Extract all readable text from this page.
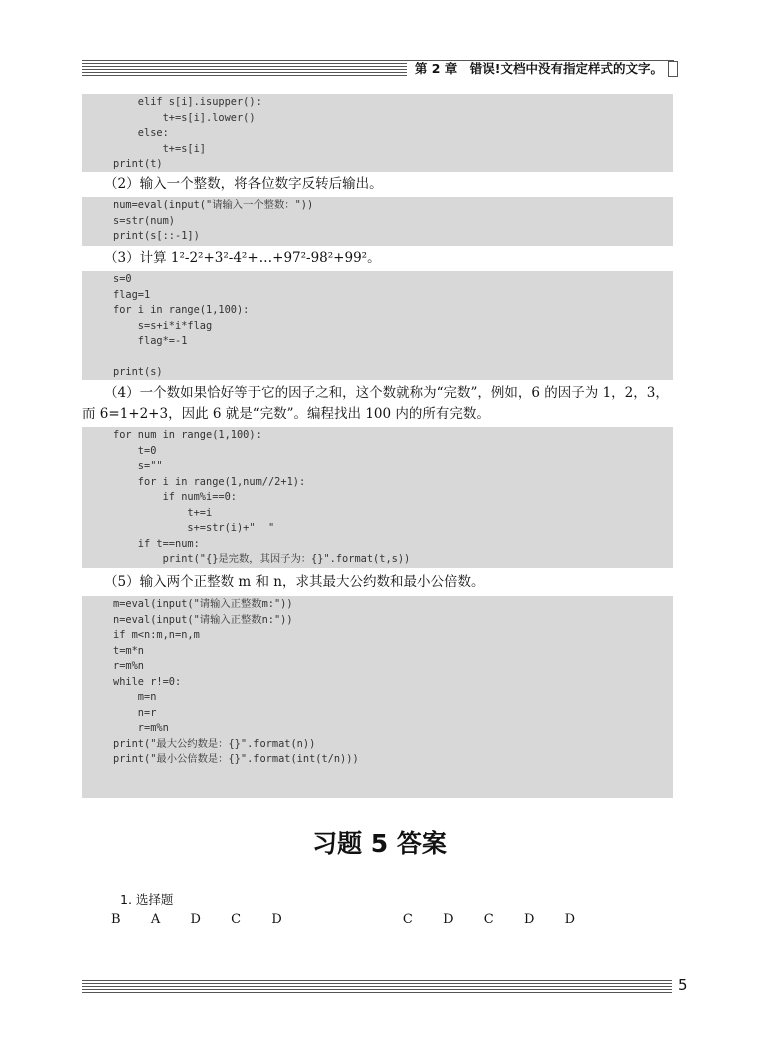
第 2 章　错误!文档中没有指定样式的文字。
elif s[i].isupper():
t+=s[i].lower()
else:
t+=s[i]
print(t)
（2）输入一个整数，将各位数字反转后输出。
num=eval(input("请输入一个整数："))
s=str(num)
print(s[::-1])
（3）计算 1²-2²+3²-4²+…+97²-98²+99²。
s=0
flag=1
for i in range(1,100):
s=s+i*i*flag
flag*=-1
print(s)
（4）一个数如果恰好等于它的因子之和，这个数就称为“完数”，例如，6 的因子为 1，2，3，
而 6=1+2+3，因此 6 就是“完数”。编程找出 100 内的所有完数。
for num in range(1,100):
t=0
s=""
for i in range(1,num//2+1):
if num%i==0:
t+=i
s+=str(i)+"  "
if t==num:
print("{}是完数，其因子为：{}".format(t,s))
（5）输入两个正整数 m 和 n，求其最大公约数和最小公倍数。
m=eval(input("请输入正整数m:"))
n=eval(input("请输入正整数n:"))
if m<n:m,n=n,m
t=m*n
r=m%n
while r!=0:
m=n
n=r
r=m%n
print("最大公约数是：{}".format(n))
print("最小公倍数是：{}".format(int(t/n)))
习题 5 答案
1. 选择题
B  A  D  C  D        C  D  C  D  D
5
